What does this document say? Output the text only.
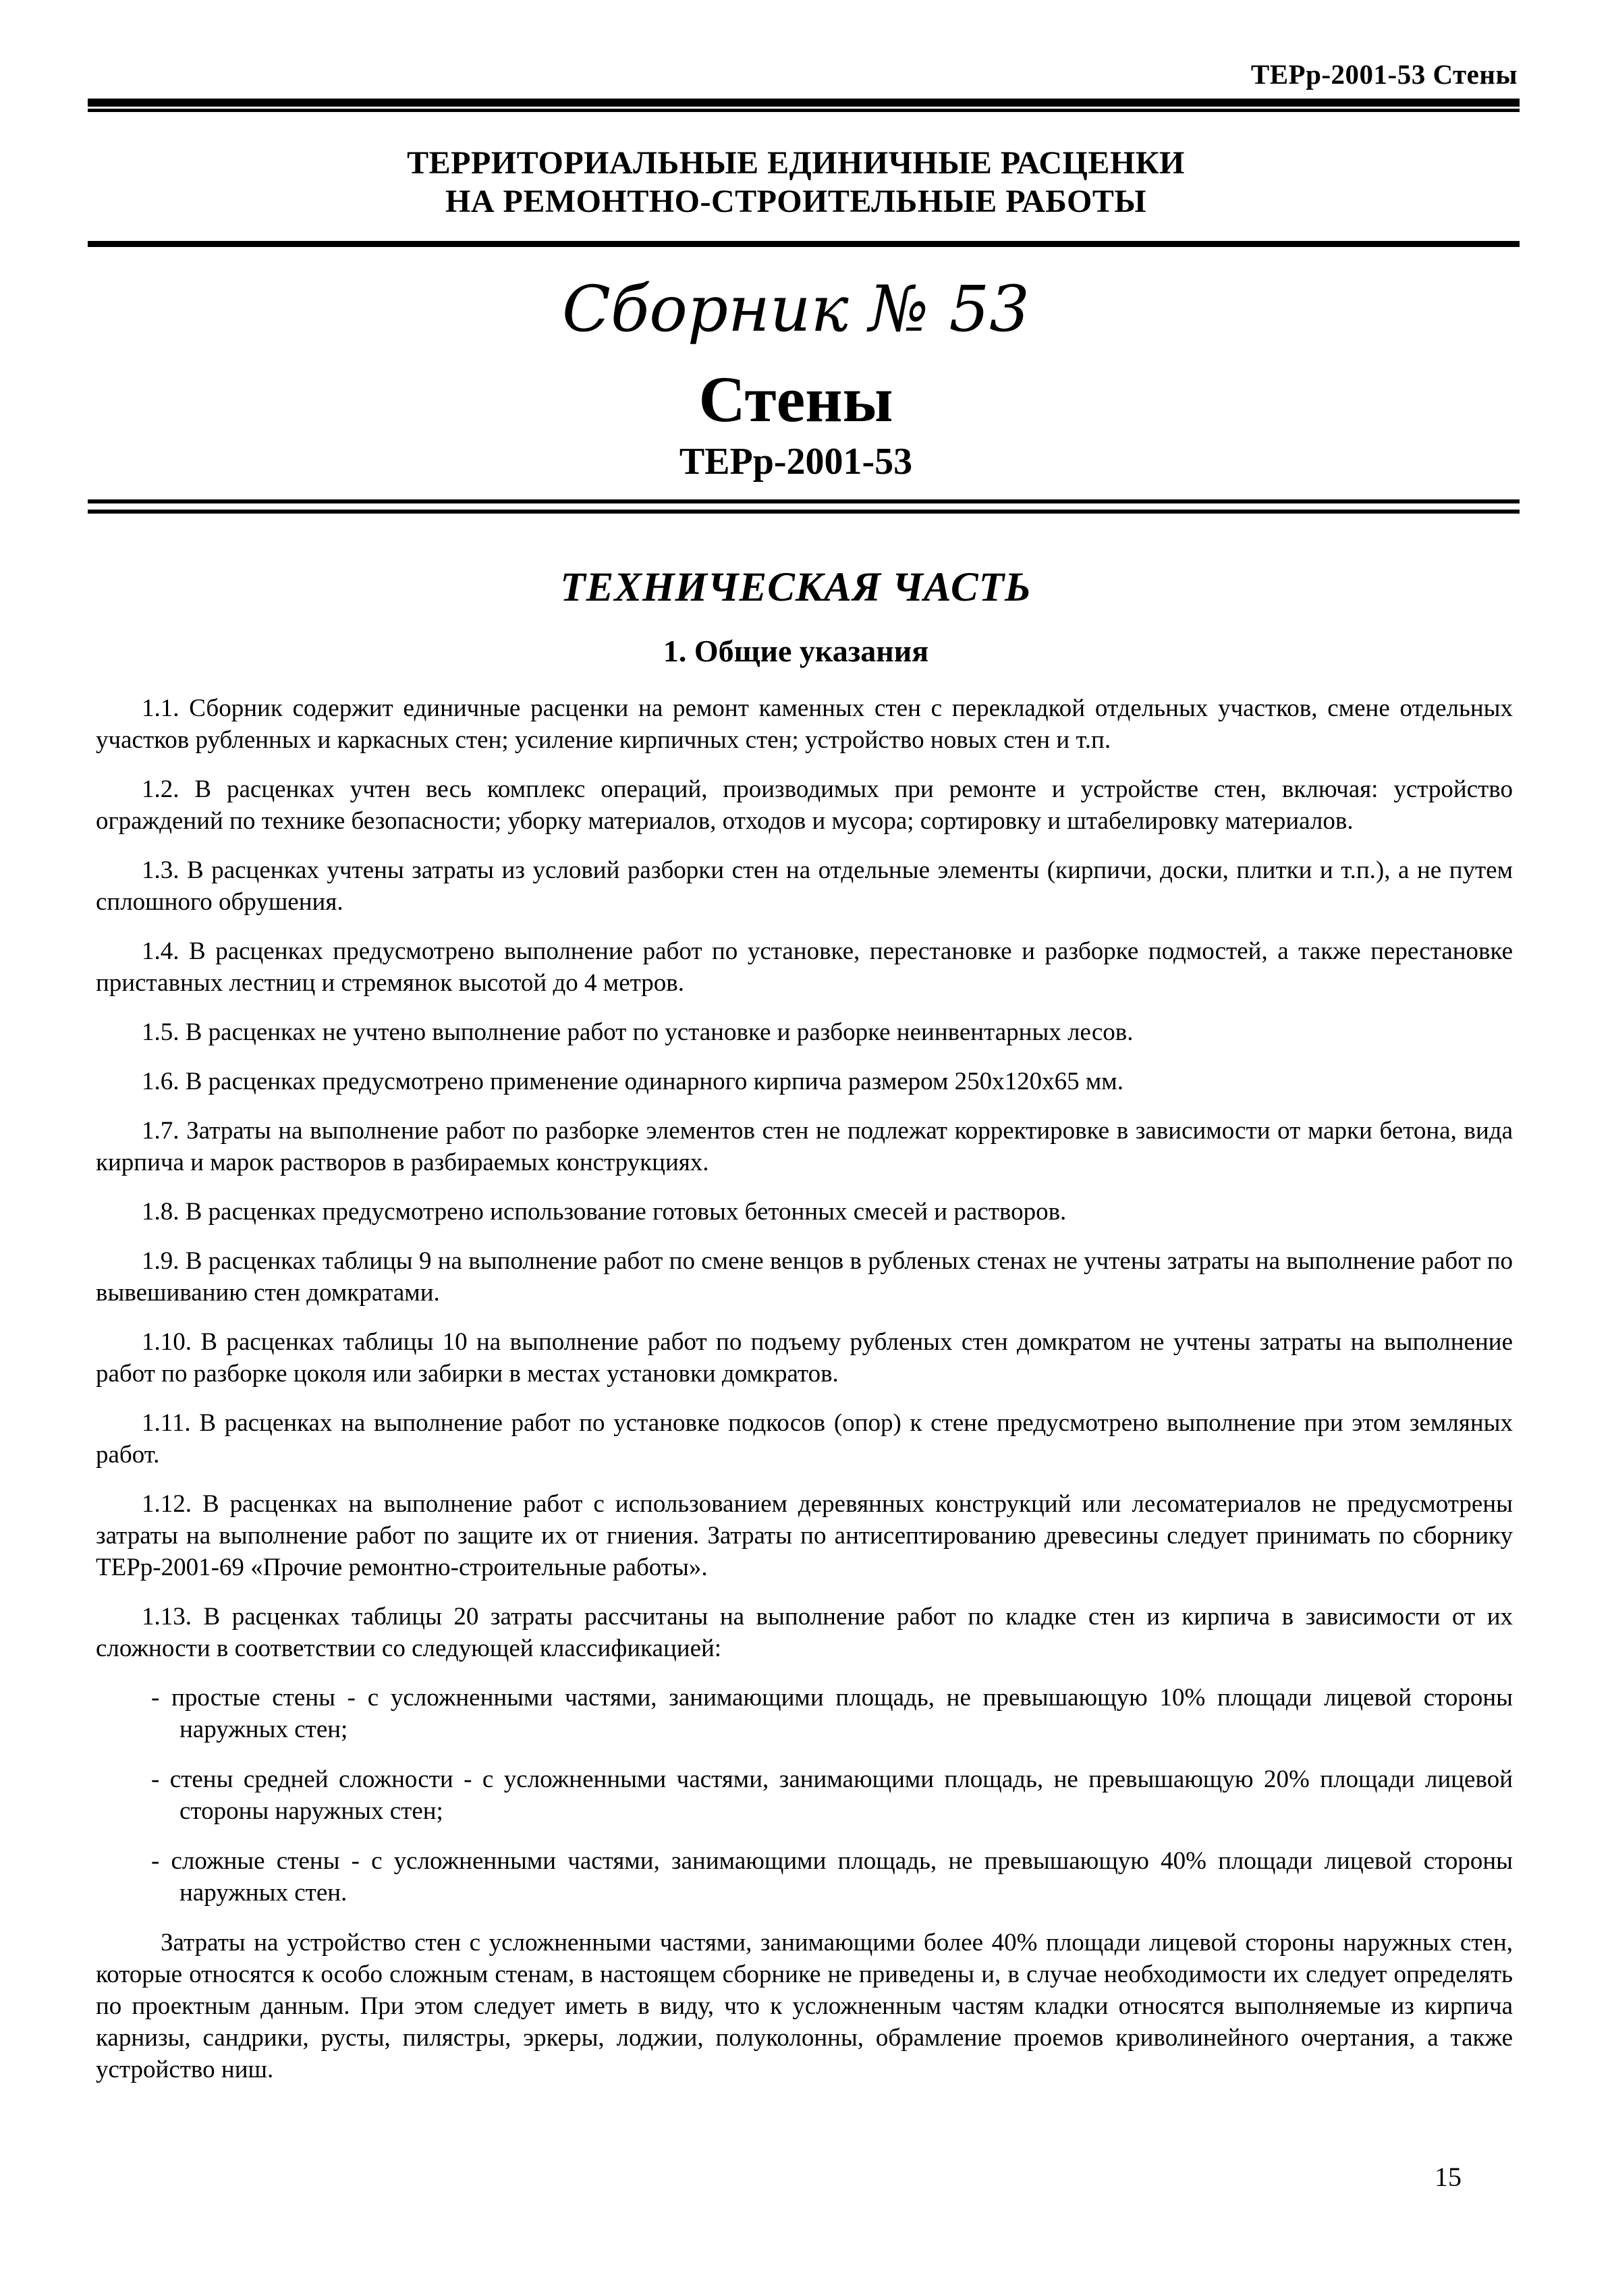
ТЕРр-2001-53 Стены
ТЕРРИТОРИАЛЬНЫЕ ЕДИНИЧНЫЕ РАСЦЕНКИ
НА РЕМОНТНО-СТРОИТЕЛЬНЫЕ РАБОТЫ
Сборник № 53
Стены
ТЕРр-2001-53
ТЕХНИЧЕСКАЯ ЧАСТЬ
1. Общие указания

1.1. Сборник содержит единичные расценки на ремонт каменных стен с перекладкой отдельных участков, смене отдельных участков рубленных и каркасных стен; усиление кирпичных стен; устройство новых стен и т.п.

1.2. В расценках учтен весь комплекс операций, производимых при ремонте и устройстве стен, включая: устройство ограждений по технике безопасности; уборку материалов, отходов и мусора; сортировку и штабелировку материалов.

1.3. В расценках учтены затраты из условий разборки стен на отдельные элементы (кирпичи, доски, плитки и т.п.), а не путем сплошного обрушения.

1.4. В расценках предусмотрено выполнение работ по установке, перестановке и разборке подмостей, а также перестановке приставных лестниц и стремянок высотой до 4 метров.

1.5. В расценках не учтено выполнение работ по установке и разборке неинвентарных лесов.

1.6. В расценках предусмотрено применение одинарного кирпича размером 250х120х65 мм.

1.7. Затраты на выполнение работ по разборке элементов стен не подлежат корректировке в зависимости от марки бетона, вида кирпича и марок растворов в разбираемых конструкциях.

1.8. В расценках предусмотрено использование готовых бетонных смесей и растворов.

1.9. В расценках таблицы 9 на выполнение работ по смене венцов в рубленых стенах не учтены затраты на выполнение работ по вывешиванию стен домкратами.

1.10. В расценках таблицы 10 на выполнение работ по подъему рубленых стен домкратом не учтены затраты на выполнение работ по разборке цоколя или забирки в местах установки домкратов.

1.11. В расценках на выполнение работ по установке подкосов (опор) к стене предусмотрено выполнение при этом земляных работ.

1.12. В расценках на выполнение работ с использованием деревянных конструкций или лесоматериалов не предусмотрены затраты на выполнение работ по защите их от гниения. Затраты по антисептированию древесины следует принимать по сборнику ТЕРр-2001-69 «Прочие ремонтно-строительные работы».

1.13. В расценках таблицы 20 затраты рассчитаны на выполнение работ по кладке стен из кирпича в зависимости от их сложности в соответствии со следующей классификацией:

- простые стены - с усложненными частями, занимающими площадь, не превышающую 10% площади лицевой стороны наружных стен;
- стены средней сложности - с усложненными частями, занимающими площадь, не превышающую 20% площади лицевой стороны наружных стен;
- сложные стены - с усложненными частями, занимающими площадь, не превышающую 40% площади лицевой стороны наружных стен.

Затраты на устройство стен с усложненными частями, занимающими более 40% площади лицевой стороны наружных стен, которые относятся к особо сложным стенам, в настоящем сборнике не приведены и, в случае необходимости их следует определять по проектным данным. При этом следует иметь в виду, что к усложненным частям кладки относятся выполняемые из кирпича карнизы, сандрики, русты, пилястры, эркеры, лоджии, полуколонны, обрамление проемов криволинейного очертания, а также устройство ниш.

15
